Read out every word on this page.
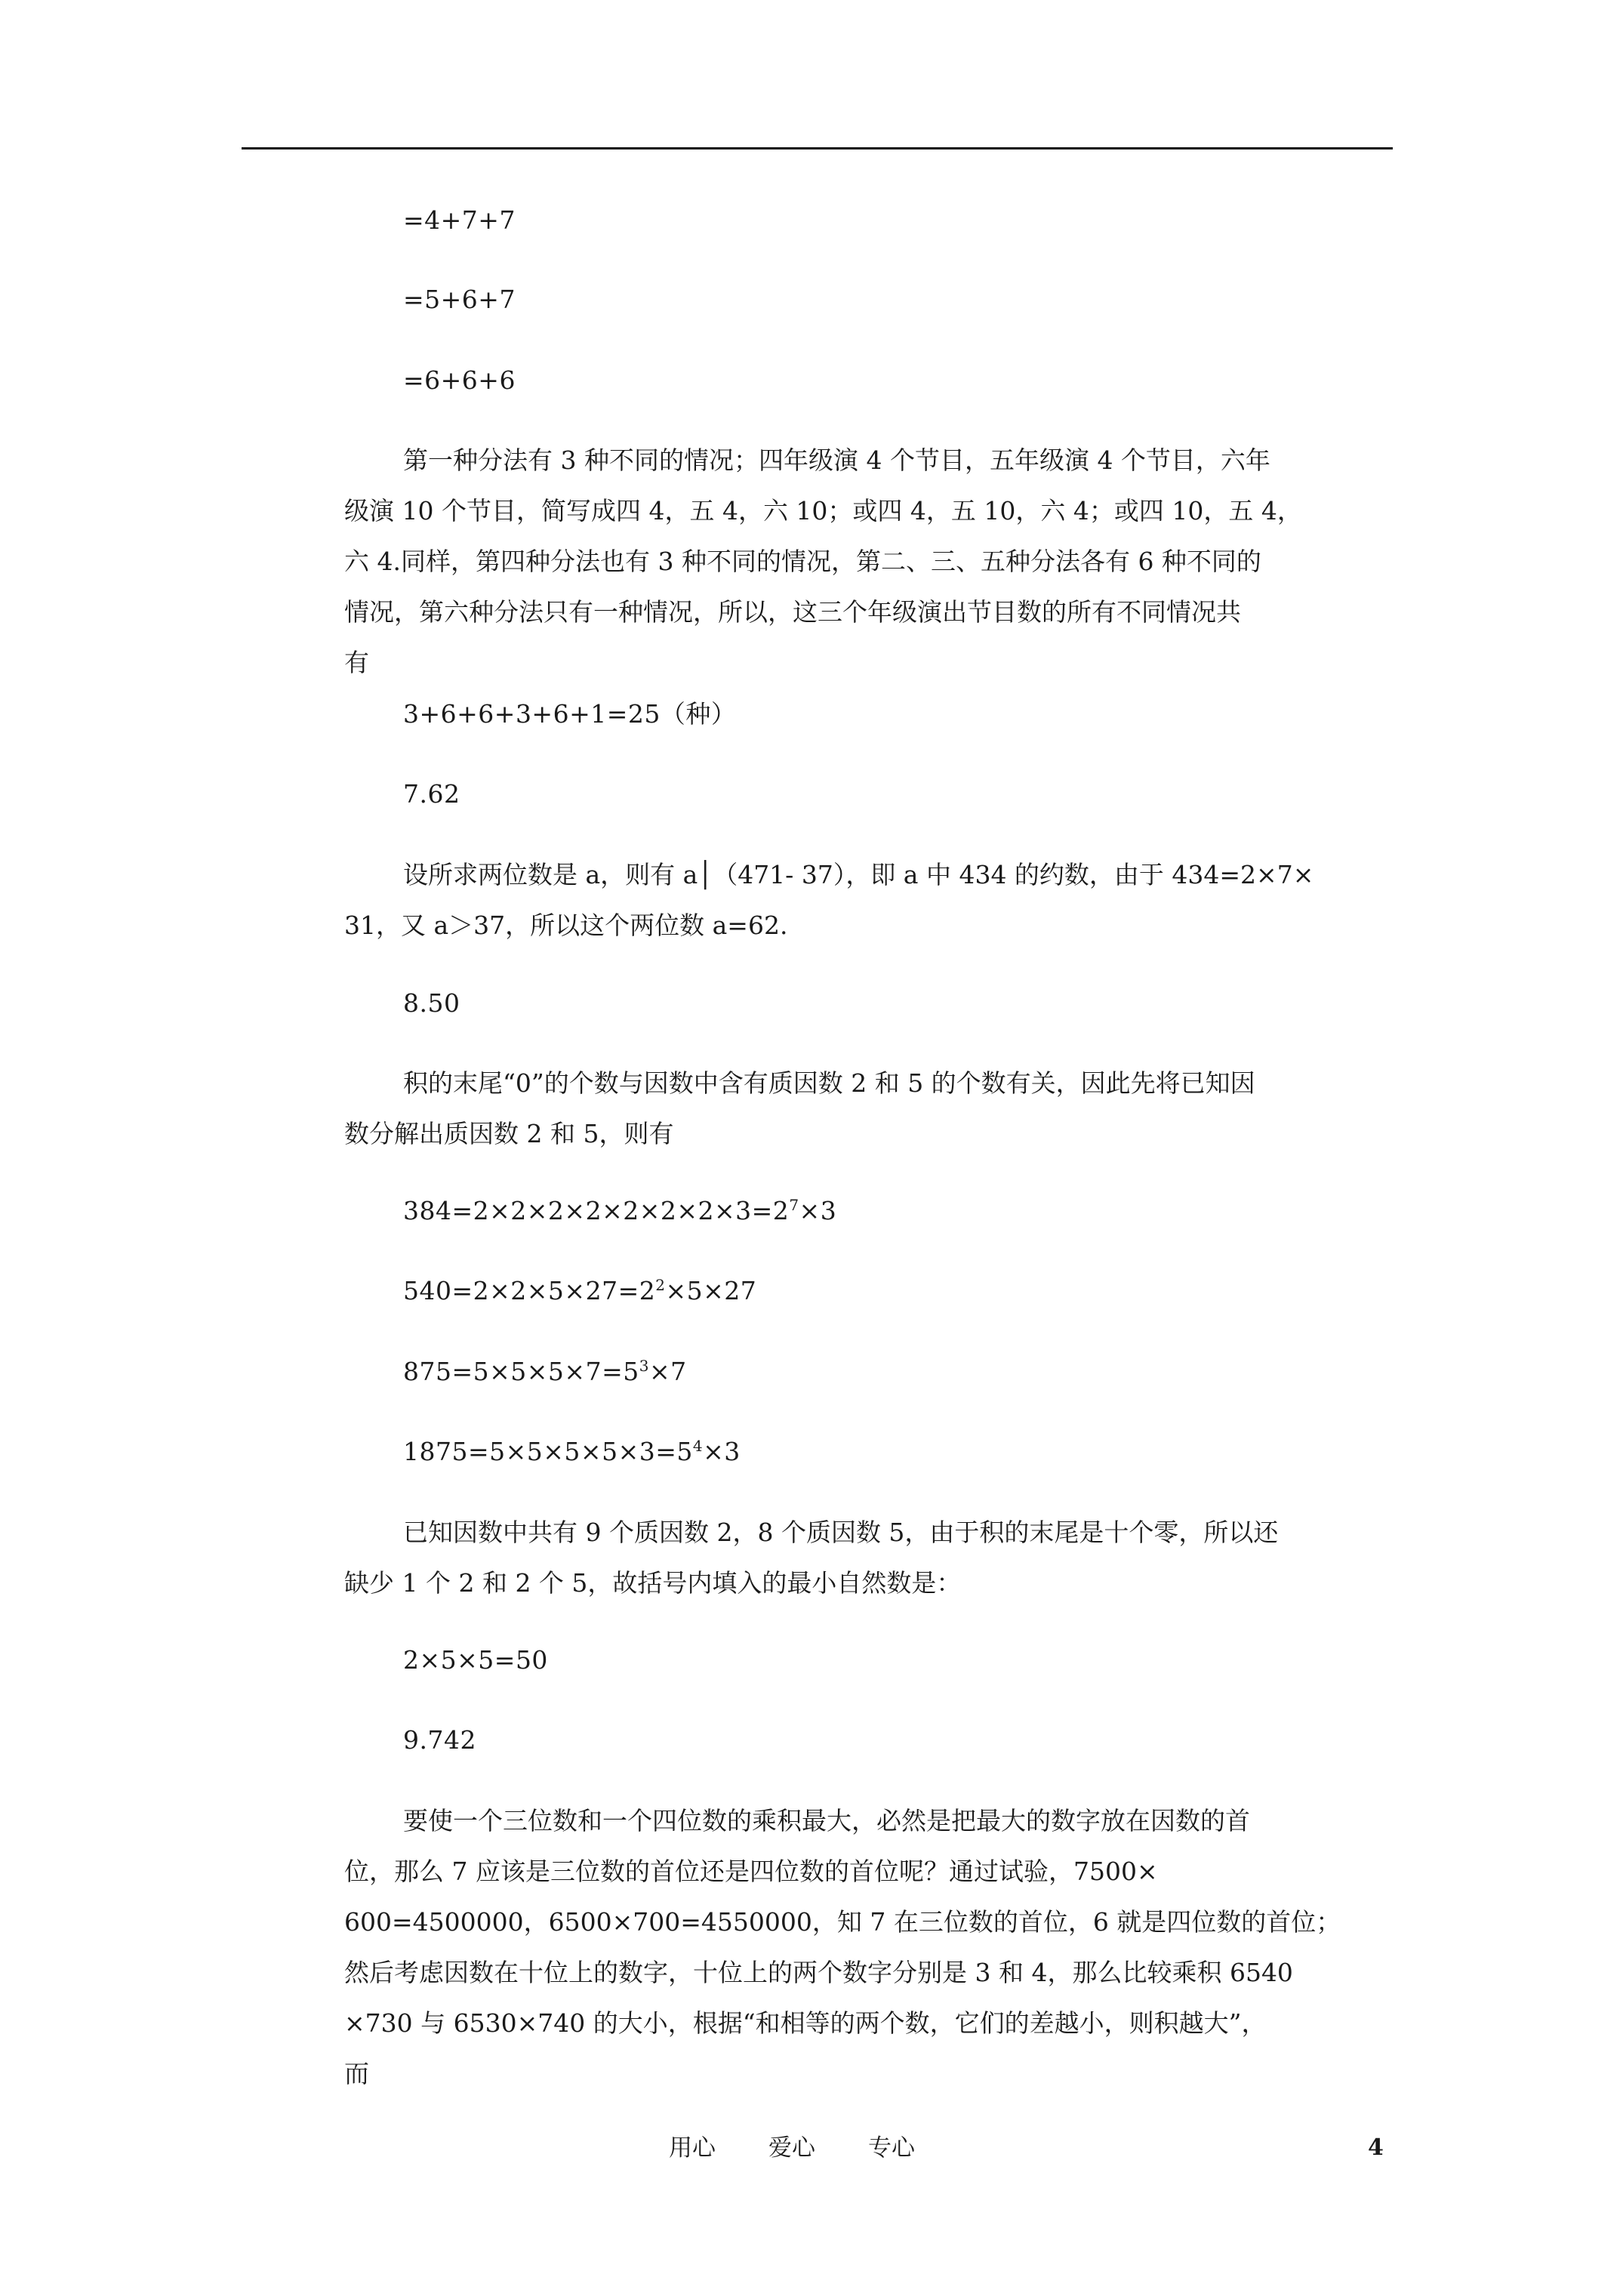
=4+7+7
=5+6+7
=6+6+6
第一种分法有 3 种不同的情况；四年级演 4 个节目，五年级演 4 个节目，六年
级演 10 个节目，简写成四 4，五 4，六 10；或四 4，五 10，六 4；或四 10，五 4，
六 4.同样，第四种分法也有 3 种不同的情况，第二、三、五种分法各有 6 种不同的
情况，第六种分法只有一种情况，所以，这三个年级演出节目数的所有不同情况共
有
3+6+6+3+6+1=25（种）
7.62
设所求两位数是 a，则有 a│（471- 37），即 a 中 434 的约数，由于 434=2×7×
31，又 a＞37，所以这个两位数 a=62.
8.50
积的末尾“0”的个数与因数中含有质因数 2 和 5 的个数有关，因此先将已知因
数分解出质因数 2 和 5，则有
$384=2\times 2\times 2\times 2\times 2\times 2\times 2\times 3=2^7\times 3$
$540=2\times 2\times 5\times 27=2^2\times 5\times 27$
$875=5\times 5\times 5\times 7=5^3\times 7$
$1875=5\times 5\times 5\times 5\times 3=5^4\times 3$
已知因数中共有 9 个质因数 2，8 个质因数 5，由于积的末尾是十个零，所以还
缺少 1 个 2 和 2 个 5，故括号内填入的最小自然数是：
2×5×5=50
9.742
要使一个三位数和一个四位数的乘积最大，必然是把最大的数字放在因数的首
位，那么 7 应该是三位数的首位还是四位数的首位呢？通过试验，7500×
600=4500000，6500×700=4550000，知 7 在三位数的首位，6 就是四位数的首位；
然后考虑因数在十位上的数字，十位上的两个数字分别是 3 和 4，那么比较乘积 6540
×730 与 6530×740 的大小，根据“和相等的两个数，它们的差越小，则积越大”，
而
用心 爱心 专心	4
